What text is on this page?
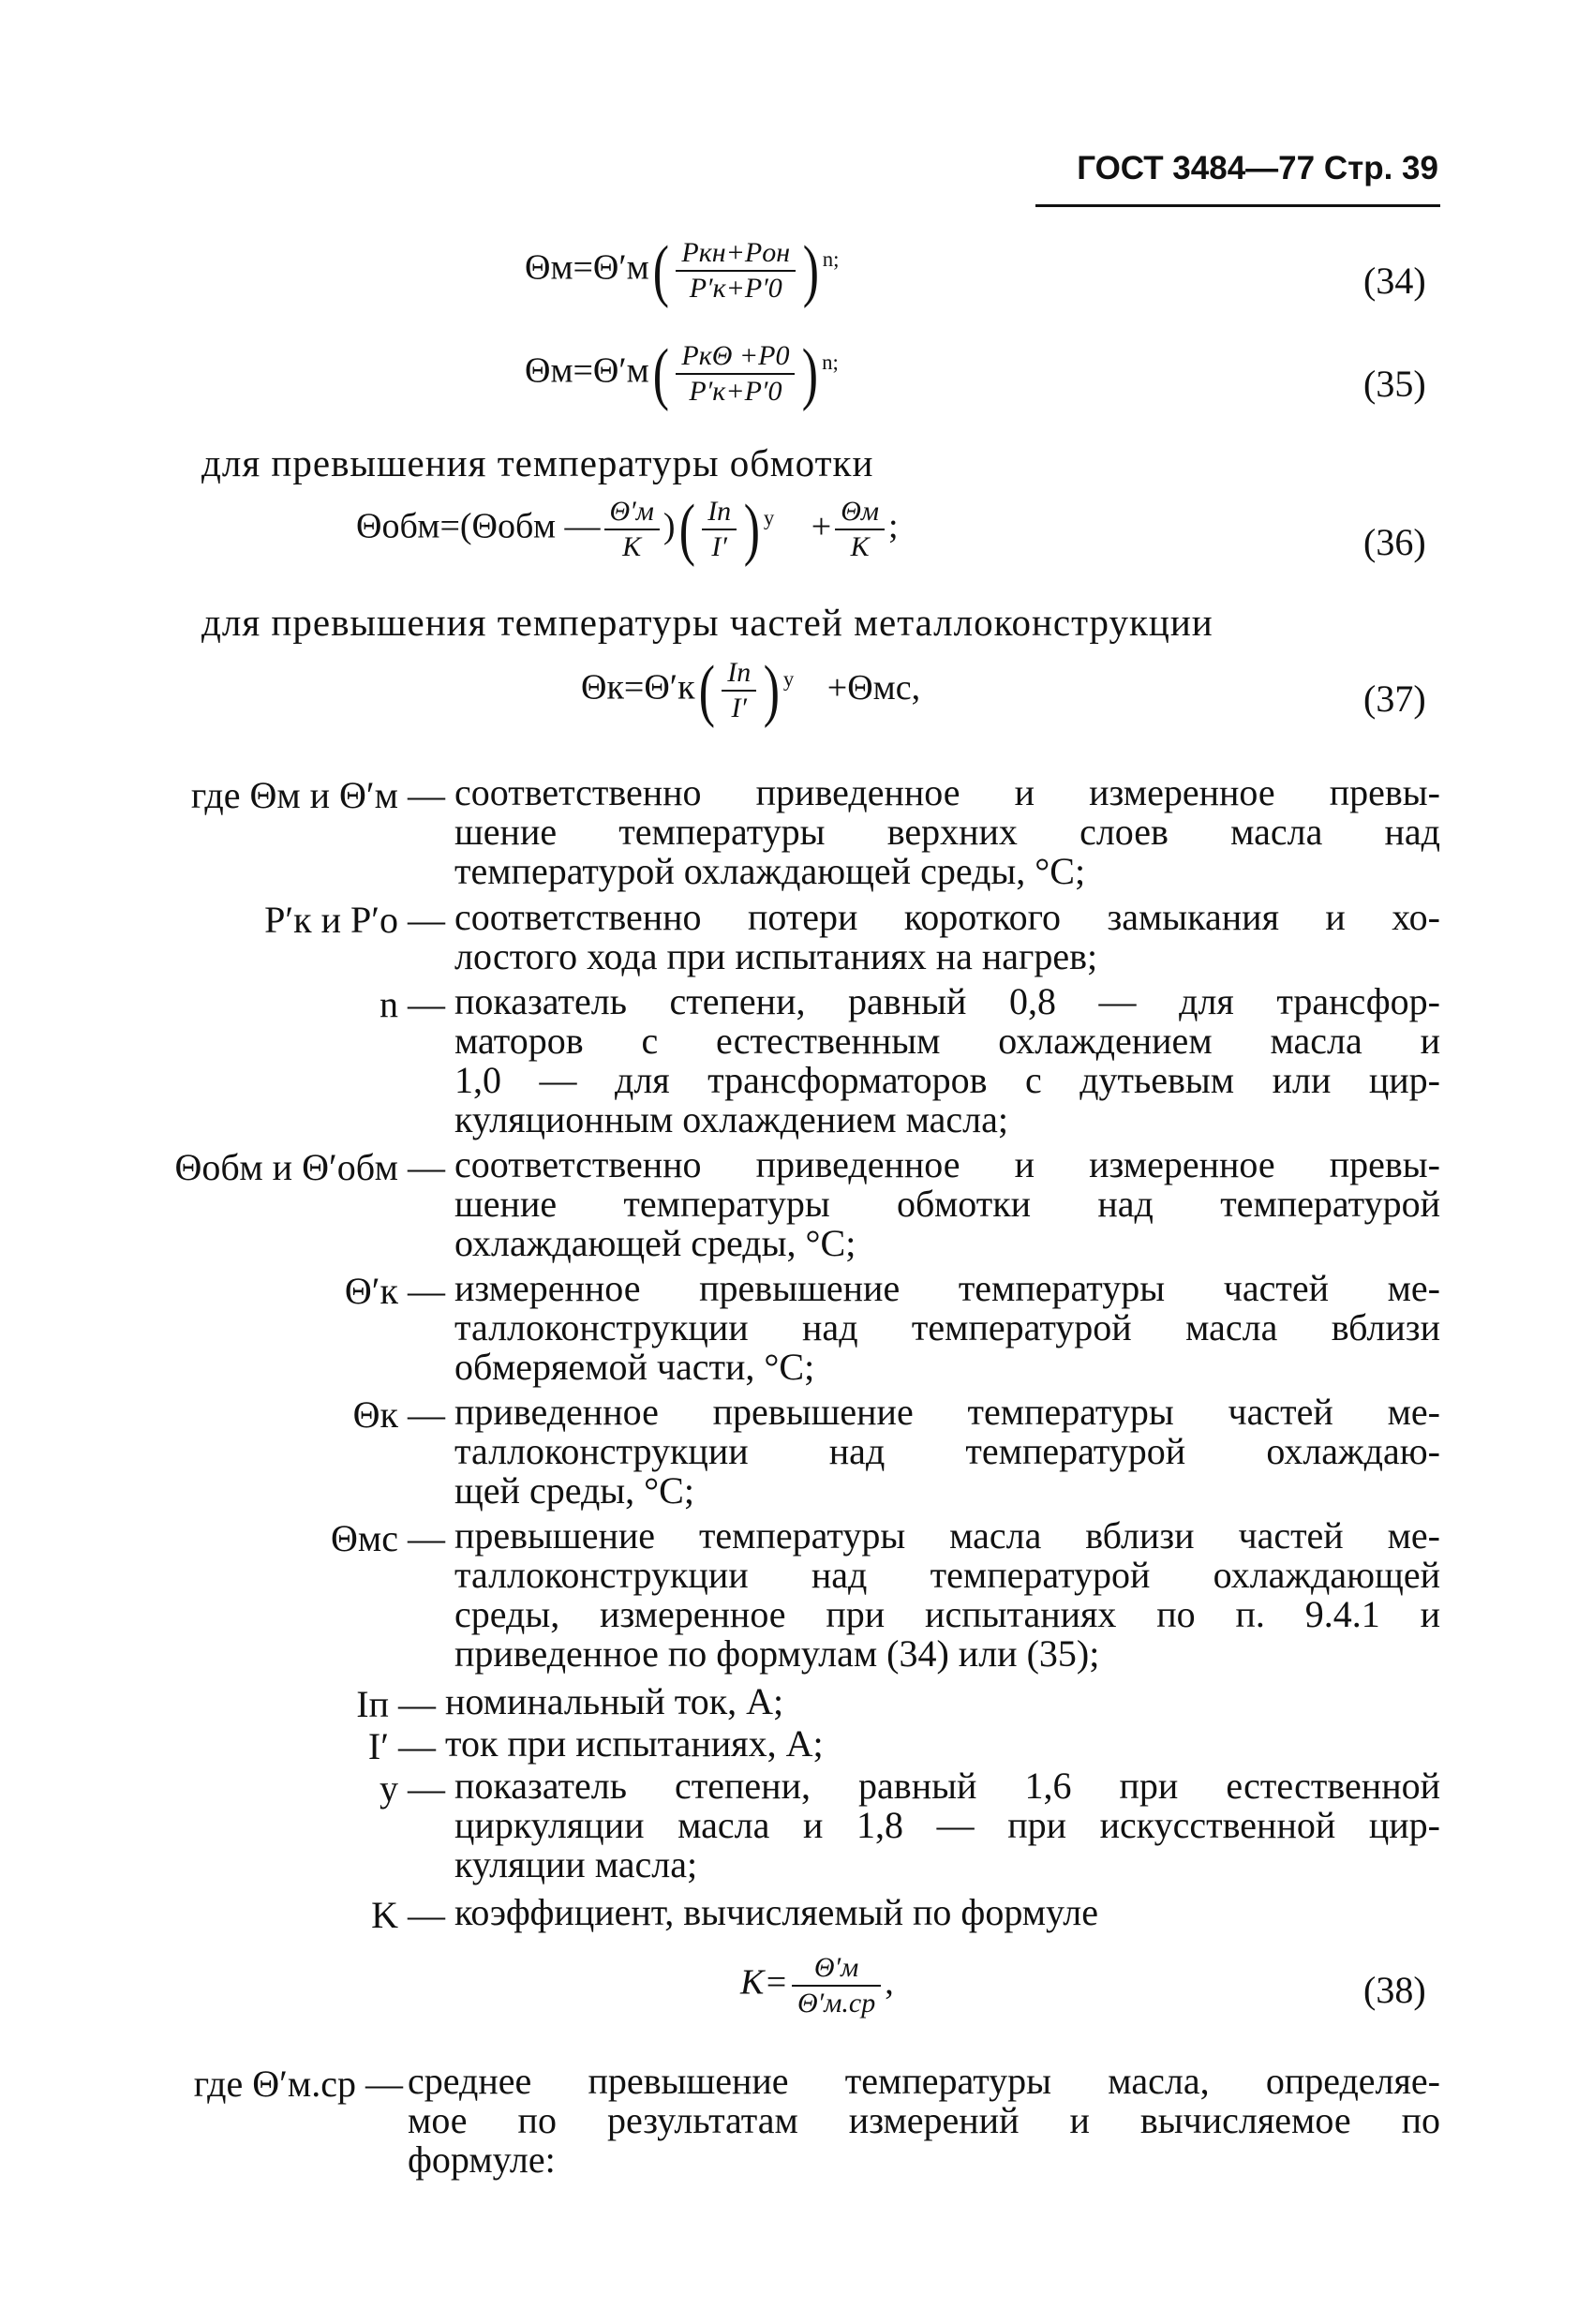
ГОСТ 3484—77 Стр. 39
$\Theta м=\Theta'м( \frac{\text{Pкн+Pон}}{P'к+P'0}$ ) $^{n;}$
(34)
$\Theta м=\Theta'м( \frac{\text{PкΘ +P0}}{P'к+P'0}$ ) $^{n;}$
(35)
для превышения температуры обмотки
Θобм=(Θобм — $\frac{\Theta'м}{K}$ )( $\frac{Iп}{I'}$ ) $^y + \frac{\Theta м}{K}$ ;	(36)
для превышения температуры частей металлоконструкции
$\Theta к=\Theta'к( \frac{Iп}{I'}$ ) $^y$ +Θмс,	(37)
где Θм и Θ′м — соответственно приведенное и измеренное превы-
шение температуры верхних слоев масла над
температурой охлаждающей среды, °С;
P′к и P′о — соответственно потери короткого замыкания и хо-
лостого хода при испытаниях на нагрев;
n — показатель степени, равный 0,8 — для трансфор-
маторов с естественным охлаждением масла и
1,0 — для трансформаторов с дутьевым или цир-
куляционным охлаждением масла;
Θобм и Θ′обм — соответственно приведенное и измеренное превы-
шение температуры обмотки над температурой
охлаждающей среды, °С;
Θ′к — измеренное превышение температуры частей ме-
таллоконструкции над температурой масла вблизи
обмеряемой части, °С;
Θк — приведенное превышение температуры частей ме-
таллоконструкции над температурой охлаждаю-
щей среды, °С;
Θмс — превышение температуры масла вблизи частей ме-
таллоконструкции над температурой охлаждающей
среды, измеренное при испытаниях по п. 9.4.1 и
приведенное по формулам (34) или (35);
Iп — номинальный ток, А;
I′ — ток при испытаниях, А;
y — показатель степени, равный 1,6 при естественной
циркуляции масла и 1,8 — при искусственной цир-
куляции масла;
K — коэффициент, вычисляемый по формуле
$K= \frac{\Theta'м}{\Theta'м.ср}$ ,	(38)
где Θ′м.ср — среднее превышение температуры масла, определяе-
мое по результатам измерений и вычисляемое по
формуле:
